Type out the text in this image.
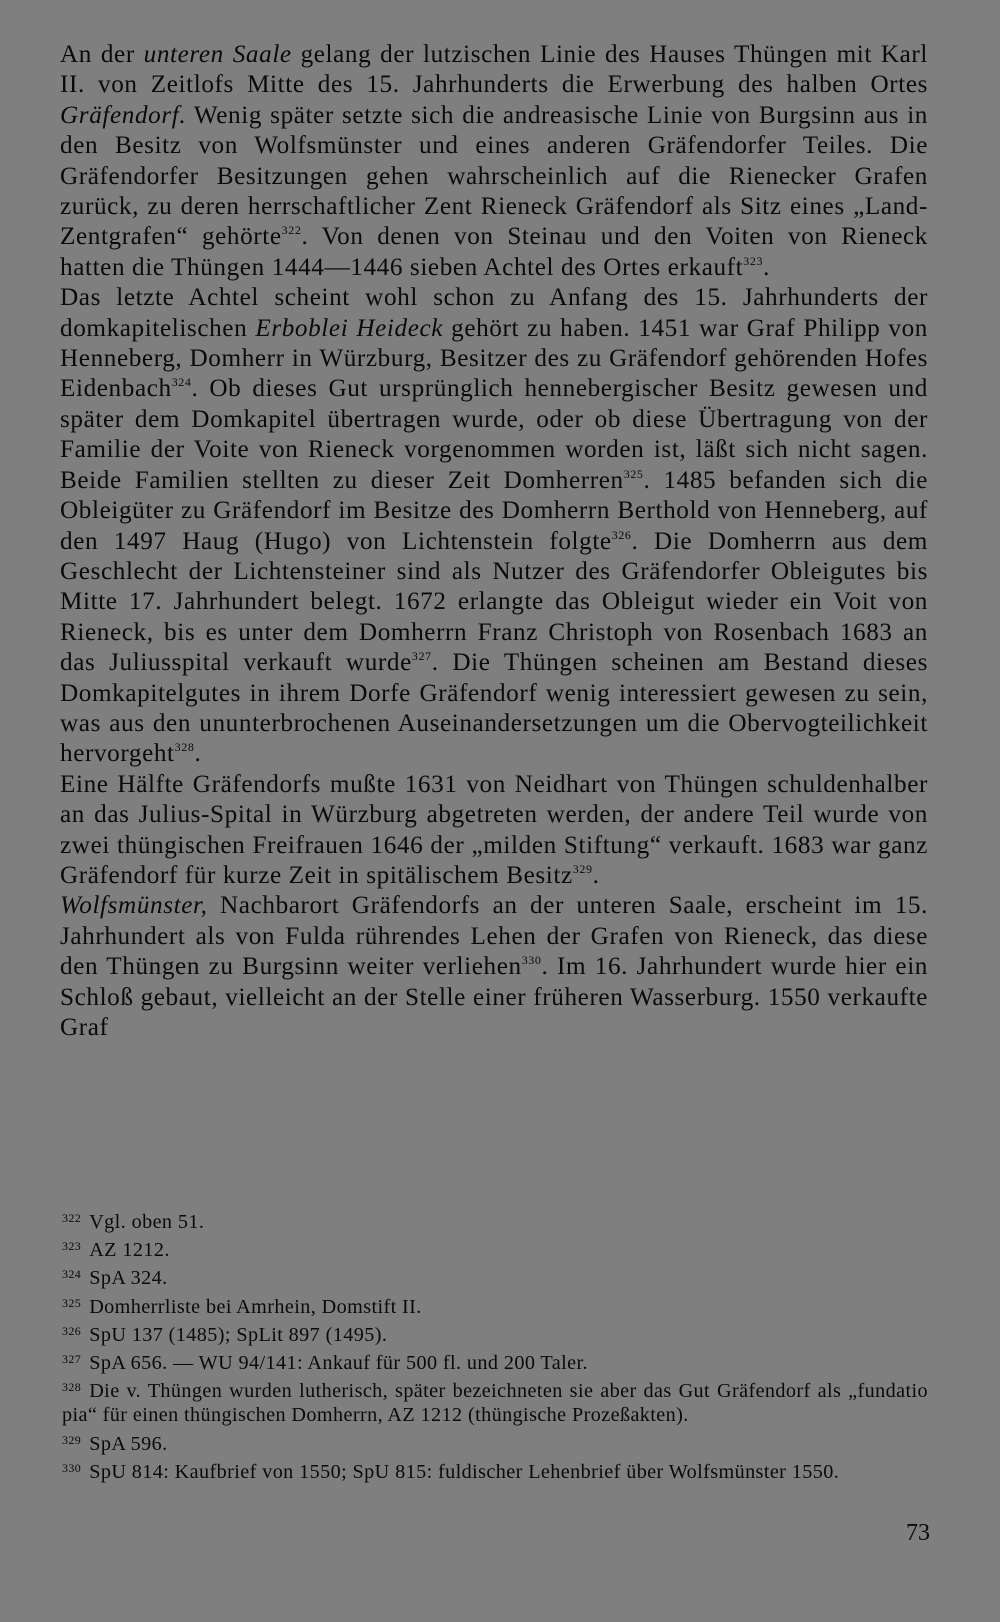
An der unteren Saale gelang der lutzischen Linie des Hauses Thüngen mit Karl II. von Zeitlofs Mitte des 15. Jahrhunderts die Erwerbung des halben Ortes Gräfendorf. Wenig später setzte sich die andreasische Linie von Burgsinn aus in den Besitz von Wolfsmünster und eines anderen Gräfendorfer Teiles. Die Gräfendorfer Besitzungen gehen wahrscheinlich auf die Rienecker Grafen zurück, zu deren herrschaftlicher Zent Rieneck Gräfendorf als Sitz eines „Land-Zentgrafen“ gehörte$^{322}$. Von denen von Steinau und den Voiten von Rieneck hatten die Thüngen 1444—1446 sieben Achtel des Ortes erkauft$^{323}$.

Das letzte Achtel scheint wohl schon zu Anfang des 15. Jahrhunderts der domkapitelischen Erboblei Heideck gehört zu haben. 1451 war Graf Philipp von Henneberg, Domherr in Würzburg, Besitzer des zu Gräfendorf gehörenden Hofes Eidenbach$^{324}$. Ob dieses Gut ursprünglich hennebergischer Besitz gewesen und später dem Domkapitel übertragen wurde, oder ob diese Übertragung von der Familie der Voite von Rieneck vorgenommen worden ist, läßt sich nicht sagen. Beide Familien stellten zu dieser Zeit Domherren$^{325}$. 1485 befanden sich die Obleigüter zu Gräfendorf im Besitze des Domherrn Berthold von Henneberg, auf den 1497 Haug (Hugo) von Lichtenstein folgte$^{326}$. Die Domherrn aus dem Geschlecht der Lichtensteiner sind als Nutzer des Gräfendorfer Obleigutes bis Mitte 17. Jahrhundert belegt. 1672 erlangte das Obleigut wieder ein Voit von Rieneck, bis es unter dem Domherrn Franz Christoph von Rosenbach 1683 an das Juliusspital verkauft wurde$^{327}$. Die Thüngen scheinen am Bestand dieses Domkapitelgutes in ihrem Dorfe Gräfendorf wenig interessiert gewesen zu sein, was aus den ununterbrochenen Auseinandersetzungen um die Obervogteilichkeit hervorgeht$^{328}$.

Eine Hälfte Gräfendorfs mußte 1631 von Neidhart von Thüngen schuldenhalber an das Julius-Spital in Würzburg abgetreten werden, der andere Teil wurde von zwei thüngischen Freifrauen 1646 der „milden Stiftung“ verkauft. 1683 war ganz Gräfendorf für kurze Zeit in spitälischem Besitz$^{329}$.

Wolfsmünster, Nachbarort Gräfendorfs an der unteren Saale, erscheint im 15. Jahrhundert als von Fulda rührendes Lehen der Grafen von Rieneck, das diese den Thüngen zu Burgsinn weiter verliehen$^{330}$. Im 16. Jahrhundert wurde hier ein Schloß gebaut, vielleicht an der Stelle einer früheren Wasserburg. 1550 verkaufte Graf

$^{322}$ Vgl. oben 51.

$^{323}$ AZ 1212.

$^{324}$ SpA 324.

$^{325}$ Domherrliste bei Amrhein, Domstift II.

$^{326}$ SpU 137 (1485); SpLit 897 (1495).

$^{327}$ SpA 656. — WU 94/141: Ankauf für 500 fl. und 200 Taler.

$^{328}$ Die v. Thüngen wurden lutherisch, später bezeichneten sie aber das Gut Gräfendorf als „fundatio pia“ für einen thüngischen Domherrn, AZ 1212 (thüngische Prozeßakten).

$^{329}$ SpA 596.

$^{330}$ SpU 814: Kaufbrief von 1550; SpU 815: fuldischer Lehenbrief über Wolfsmünster 1550.

73
